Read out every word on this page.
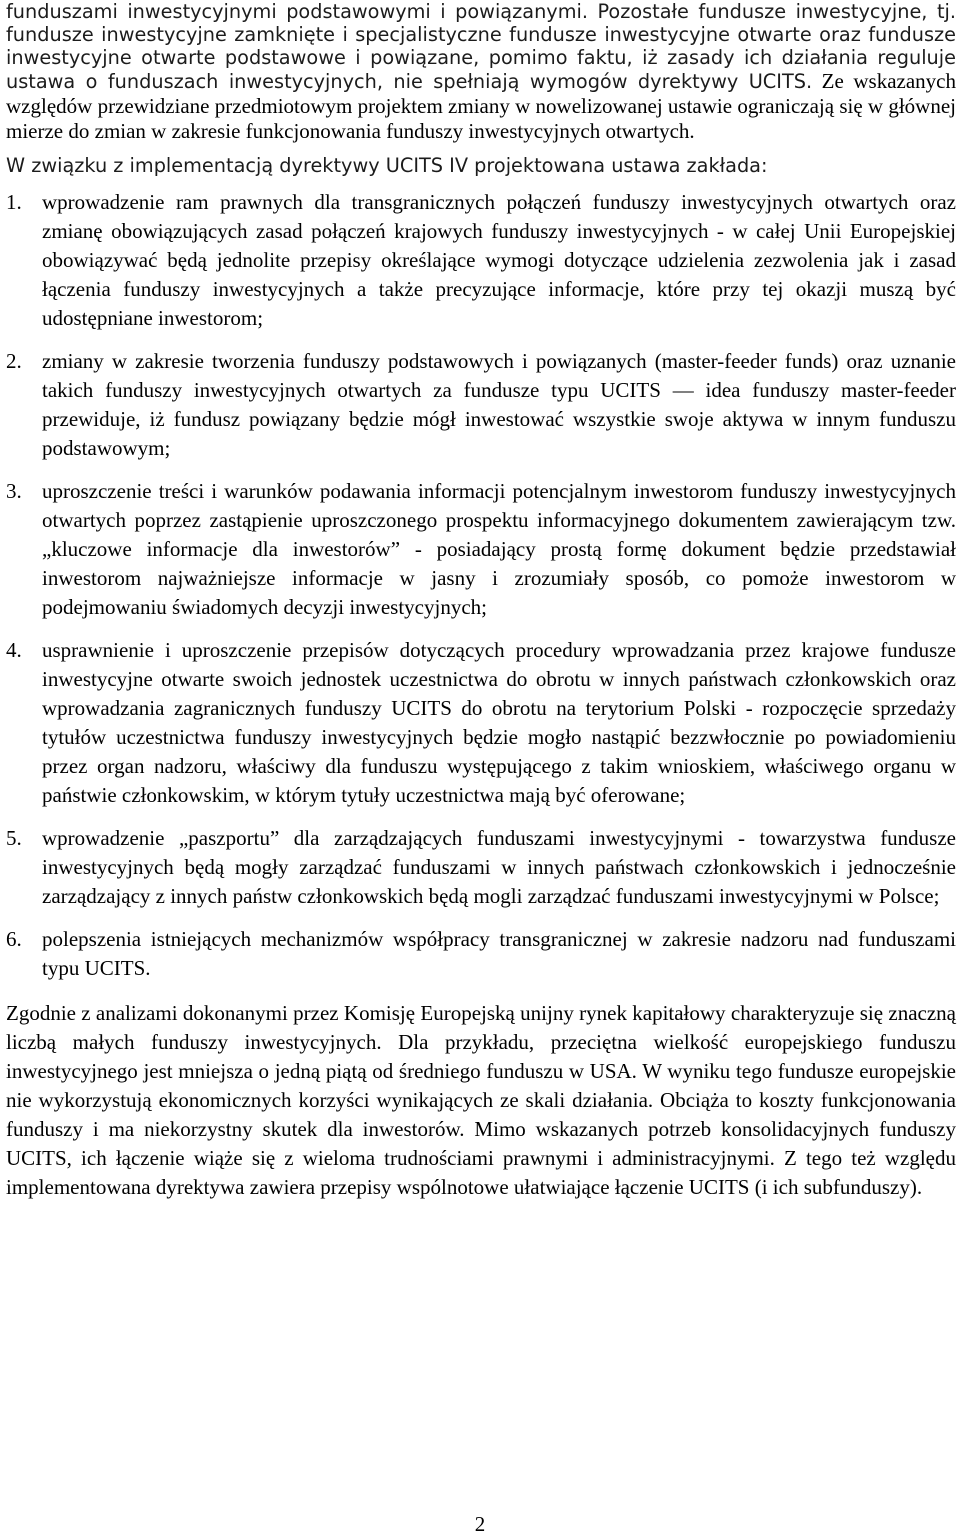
funduszami inwestycyjnymi podstawowymi i powiązanymi. Pozostałe fundusze inwestycyjne, tj. fundusze inwestycyjne zamknięte i specjalistyczne fundusze inwestycyjne otwarte oraz fundusze inwestycyjne otwarte podstawowe i powiązane, pomimo faktu, iż zasady ich działania reguluje ustawa o funduszach inwestycyjnych, nie spełniają wymogów dyrektywy UCITS. Ze wskazanych względów przewidziane przedmiotowym projektem zmiany w nowelizowanej ustawie ograniczają się w głównej mierze do zmian w zakresie funkcjonowania funduszy inwestycyjnych otwartych.

W związku z implementacją dyrektywy UCITS IV projektowana ustawa zakłada:

1. wprowadzenie ram prawnych dla transgranicznych połączeń funduszy inwestycyjnych otwartych oraz zmianę obowiązujących zasad połączeń krajowych funduszy inwestycyjnych - w całej Unii Europejskiej obowiązywać będą jednolite przepisy określające wymogi dotyczące udzielenia zezwolenia jak i zasad łączenia funduszy inwestycyjnych a także precyzujące informacje, które przy tej okazji muszą być udostępniane inwestorom;

2. zmiany w zakresie tworzenia funduszy podstawowych i powiązanych (master-feeder funds) oraz uznanie takich funduszy inwestycyjnych otwartych za fundusze typu UCITS — idea funduszy master-feeder przewiduje, iż fundusz powiązany będzie mógł inwestować wszystkie swoje aktywa w innym funduszu podstawowym;

3. uproszczenie treści i warunków podawania informacji potencjalnym inwestorom funduszy inwestycyjnych otwartych poprzez zastąpienie uproszczonego prospektu informacyjnego dokumentem zawierającym tzw. „kluczowe informacje dla inwestorów” - posiadający prostą formę dokument będzie przedstawiał inwestorom najważniejsze informacje w jasny i zrozumiały sposób, co pomoże inwestorom w podejmowaniu świadomych decyzji inwestycyjnych;

4. usprawnienie i uproszczenie przepisów dotyczących procedury wprowadzania przez krajowe fundusze inwestycyjne otwarte swoich jednostek uczestnictwa do obrotu w innych państwach członkowskich oraz wprowadzania zagranicznych funduszy UCITS do obrotu na terytorium Polski - rozpoczęcie sprzedaży tytułów uczestnictwa funduszy inwestycyjnych będzie mogło nastąpić bezzwłocznie po powiadomieniu przez organ nadzoru, właściwy dla funduszu występującego z takim wnioskiem, właściwego organu w państwie członkowskim, w którym tytuły uczestnictwa mają być oferowane;

5. wprowadzenie „paszportu” dla zarządzających funduszami inwestycyjnymi - towarzystwa fundusze inwestycyjnych będą mogły zarządzać funduszami w innych państwach członkowskich i jednocześnie zarządzający z innych państw członkowskich będą mogli zarządzać funduszami inwestycyjnymi w Polsce;

6. polepszenia istniejących mechanizmów współpracy transgranicznej w zakresie nadzoru nad funduszami typu UCITS.

Zgodnie z analizami dokonanymi przez Komisję Europejską unijny rynek kapitałowy charakteryzuje się znaczną liczbą małych funduszy inwestycyjnych. Dla przykładu, przeciętna wielkość europejskiego funduszu inwestycyjnego jest mniejsza o jedną piątą od średniego funduszu w USA. W wyniku tego fundusze europejskie nie wykorzystują ekonomicznych korzyści wynikających ze skali działania. Obciąża to koszty funkcjonowania funduszy i ma niekorzystny skutek dla inwestorów. Mimo wskazanych potrzeb konsolidacyjnych funduszy UCITS, ich łączenie wiąże się z wieloma trudnościami prawnymi i administracyjnymi. Z tego też względu implementowana dyrektywa zawiera przepisy wspólnotowe ułatwiające łączenie UCITS (i ich subfunduszy).

2
